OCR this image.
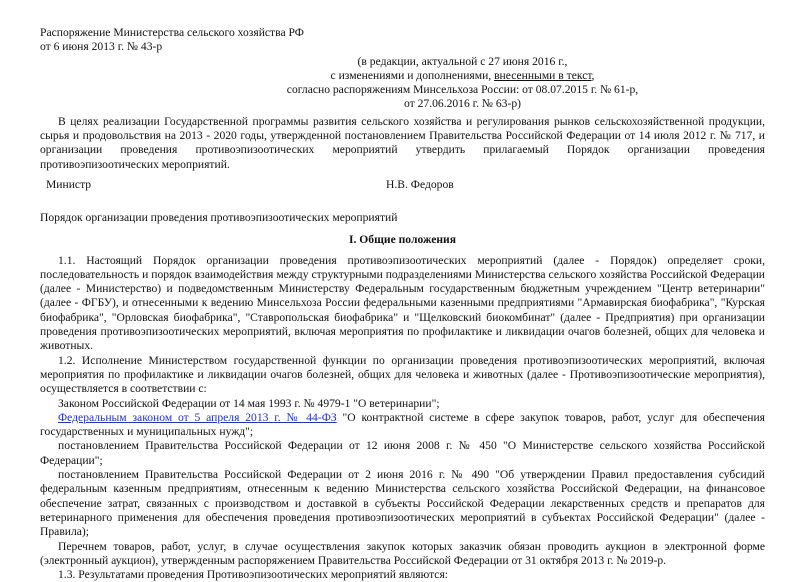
Распоряжение Министерства сельского хозяйства РФ
от 6 июня 2013 г. № 43-р
(в редакции, актуальной с 27 июня 2016 г.,
с изменениями и дополнениями, внесенными в текст,
согласно распоряжениям Минсельхоза России: от 08.07.2015 г. № 61-р,
от 27.06.2016 г. № 63-р)

В целях реализации Государственной программы развития сельского хозяйства и регулирования рынков сельскохозяйственной продукции, сырья и продовольствия на 2013 - 2020 годы, утвержденной постановлением Правительства Российской Федерации от 14 июля 2012 г. № 717, и организации проведения противоэпизоотических мероприятий утвердить прилагаемый Порядок организации проведения противоэпизоотических мероприятий.

Министр	Н.В. Федоров
Порядок организации проведения противоэпизоотических мероприятий
I. Общие положения

1.1. Настоящий Порядок организации проведения противоэпизоотических мероприятий (далее - Порядок) определяет сроки, последовательность и порядок взаимодействия между структурными подразделениями Министерства сельского хозяйства Российской Федерации (далее - Министерство) и подведомственным Министерству Федеральным государственным бюджетным учреждением "Центр ветеринарии" (далее - ФГБУ), и отнесенными к ведению Минсельхоза России федеральными казенными предприятиями "Армавирская биофабрика", "Курская биофабрика", "Орловская биофабрика", "Ставропольская биофабрика" и "Щелковский биокомбинат" (далее - Предприятия) при организации проведения противоэпизоотических мероприятий, включая мероприятия по профилактике и ликвидации очагов болезней, общих для человека и животных.

1.2. Исполнение Министерством государственной функции по организации проведения противоэпизоотических мероприятий, включая мероприятия по профилактике и ликвидации очагов болезней, общих для человека и животных (далее - Противоэпизоотические мероприятия), осуществляется в соответствии с:

Законом Российской Федерации от 14 мая 1993 г. № 4979-1 "О ветеринарии";

Федеральным законом от 5 апреля 2013 г. № 44-ФЗ "О контрактной системе в сфере закупок товаров, работ, услуг для обеспечения государственных и муниципальных нужд";

постановлением Правительства Российской Федерации от 12 июня 2008 г. № 450 "О Министерстве сельского хозяйства Российской Федерации";

постановлением Правительства Российской Федерации от 2 июня 2016 г. № 490 "Об утверждении Правил предоставления субсидий федеральным казенным предприятиям, отнесенным к ведению Министерства сельского хозяйства Российской Федерации, на финансовое обеспечение затрат, связанных с производством и доставкой в субъекты Российской Федерации лекарственных средств и препаратов для ветеринарного применения для обеспечения проведения противоэпизоотических мероприятий в субъектах Российской Федерации" (далее - Правила);

Перечнем товаров, работ, услуг, в случае осуществления закупок которых заказчик обязан проводить аукцион в электронной форме (электронный аукцион), утвержденным распоряжением Правительства Российской Федерации от 31 октября 2013 г. № 2019-р.

1.3. Результатами проведения Противоэпизоотических мероприятий являются:
